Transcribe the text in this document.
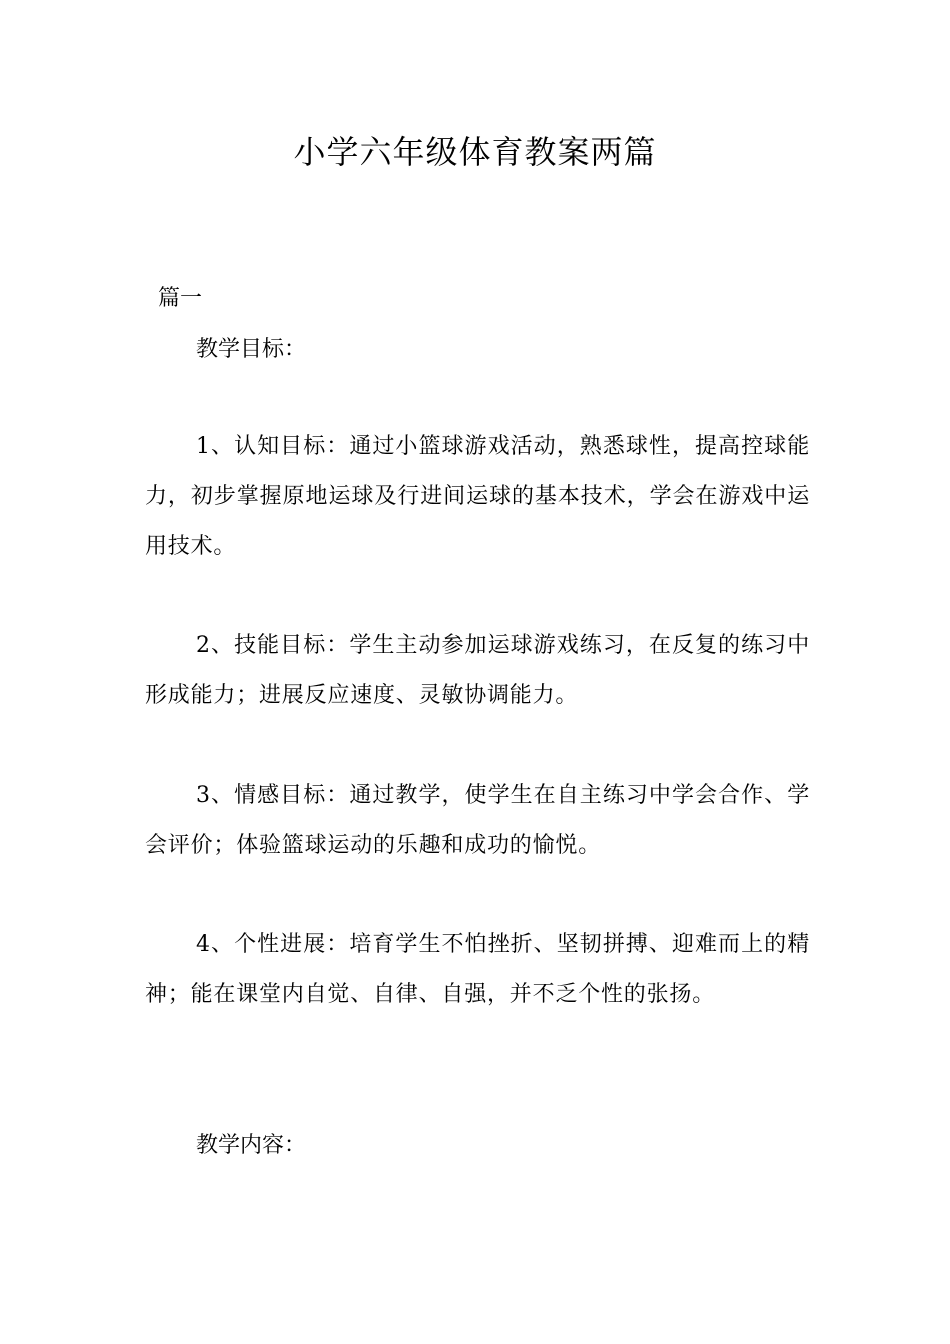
小学六年级体育教案两篇
篇一
教学目标：

1、认知目标：通过小篮球游戏活动，熟悉球性，提高控球能力，初步掌握原地运球及行进间运球的基本技术，学会在游戏中运用技术。

2、技能目标：学生主动参加运球游戏练习，在反复的练习中形成能力；进展反应速度、灵敏协调能力。

3、情感目标：通过教学，使学生在自主练习中学会合作、学会评价；体验篮球运动的乐趣和成功的愉悦。

4、个性进展：培育学生不怕挫折、坚韧拼搏、迎难而上的精神；能在课堂内自觉、自律、自强，并不乏个性的张扬。

教学内容：
